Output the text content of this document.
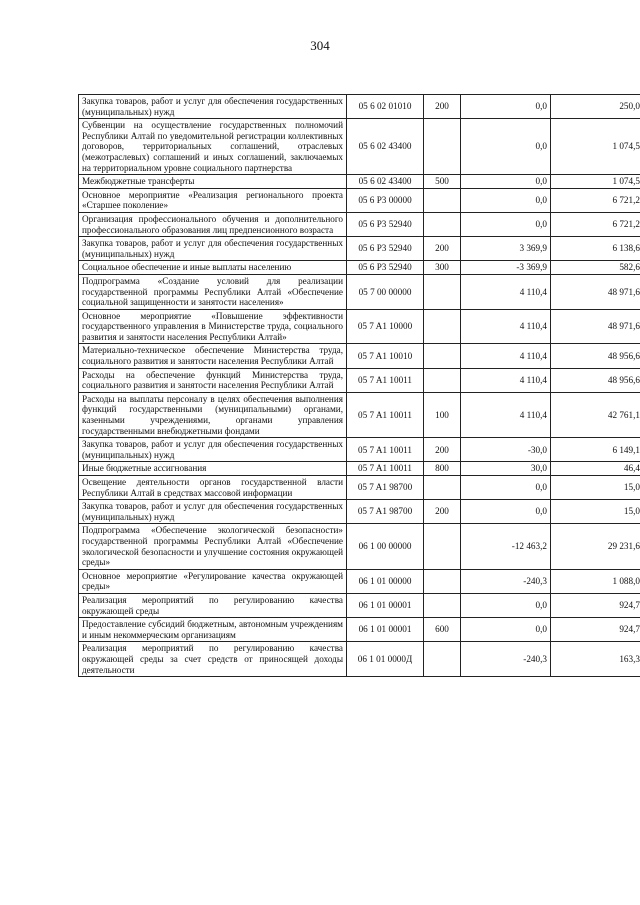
304
Закупка товаров, работ и услуг для обеспечения государственных (муниципальных) нужд	05 6 02 01010	200	0,0	250,0
Субвенции на осуществление государственных полномочий Республики Алтай по уведомительной регистрации коллективных договоров, территориальных соглашений, отраслевых (межотраслевых) соглашений и иных соглашений, заключаемых на территориальном уровне социального партнерства	05 6 02 43400		0,0	1 074,5
Межбюджетные трансферты	05 6 02 43400	500	0,0	1 074,5
Основное мероприятие «Реализация регионального проекта «Старшее поколение»	05 6 P3 00000		0,0	6 721,2
Организация профессионального обучения и дополнительного профессионального образования лиц предпенсионного возраста	05 6 P3 52940		0,0	6 721,2
Закупка товаров, работ и услуг для обеспечения государственных (муниципальных) нужд	05 6 P3 52940	200	3 369,9	6 138,6
Социальное обеспечение и иные выплаты населению	05 6 P3 52940	300	-3 369,9	582,6
Подпрограмма «Создание условий для реализации государственной программы Республики Алтай «Обеспечение социальной защищенности и занятости населения»	05 7 00 00000		4 110,4	48 971,6
Основное мероприятие «Повышение эффективности государственного управления в Министерстве труда, социального развития и занятости населения Республики Алтай»	05 7 A1 10000		4 110,4	48 971,6
Материально-техническое обеспечение Министерства труда, социального развития и занятости населения Республики Алтай	05 7 A1 10010		4 110,4	48 956,6
Расходы на обеспечение функций Министерства труда, социального развития и занятости населения Республики Алтай	05 7 A1 10011		4 110,4	48 956,6
Расходы на выплаты персоналу в целях обеспечения выполнения функций государственными (муниципальными) органами, казенными учреждениями, органами управления государственными внебюджетными фондами	05 7 A1 10011	100	4 110,4	42 761,1
Закупка товаров, работ и услуг для обеспечения государственных (муниципальных) нужд	05 7 A1 10011	200	-30,0	6 149,1
Иные бюджетные ассигнования	05 7 A1 10011	800	30,0	46,4
Освещение деятельности органов государственной власти Республики Алтай в средствах массовой информации	05 7 A1 98700		0,0	15,0
Закупка товаров, работ и услуг для обеспечения государственных (муниципальных) нужд	05 7 A1 98700	200	0,0	15,0
Подпрограмма «Обеспечение экологической безопасности» государственной программы Республики Алтай «Обеспечение экологической безопасности и улучшение состояния окружающей среды»	06 1 00 00000		-12 463,2	29 231,6
Основное мероприятие «Регулирование качества окружающей среды»	06 1 01 00000		-240,3	1 088,0
Реализация мероприятий по регулированию качества окружающей среды	06 1 01 00001		0,0	924,7
Предоставление субсидий бюджетным, автономным учреждениям и иным некоммерческим организациям	06 1 01 00001	600	0,0	924,7
Реализация мероприятий по регулированию качества окружающей среды за счет средств от приносящей доходы деятельности	06 1 01 0000Д		-240,3	163,3
